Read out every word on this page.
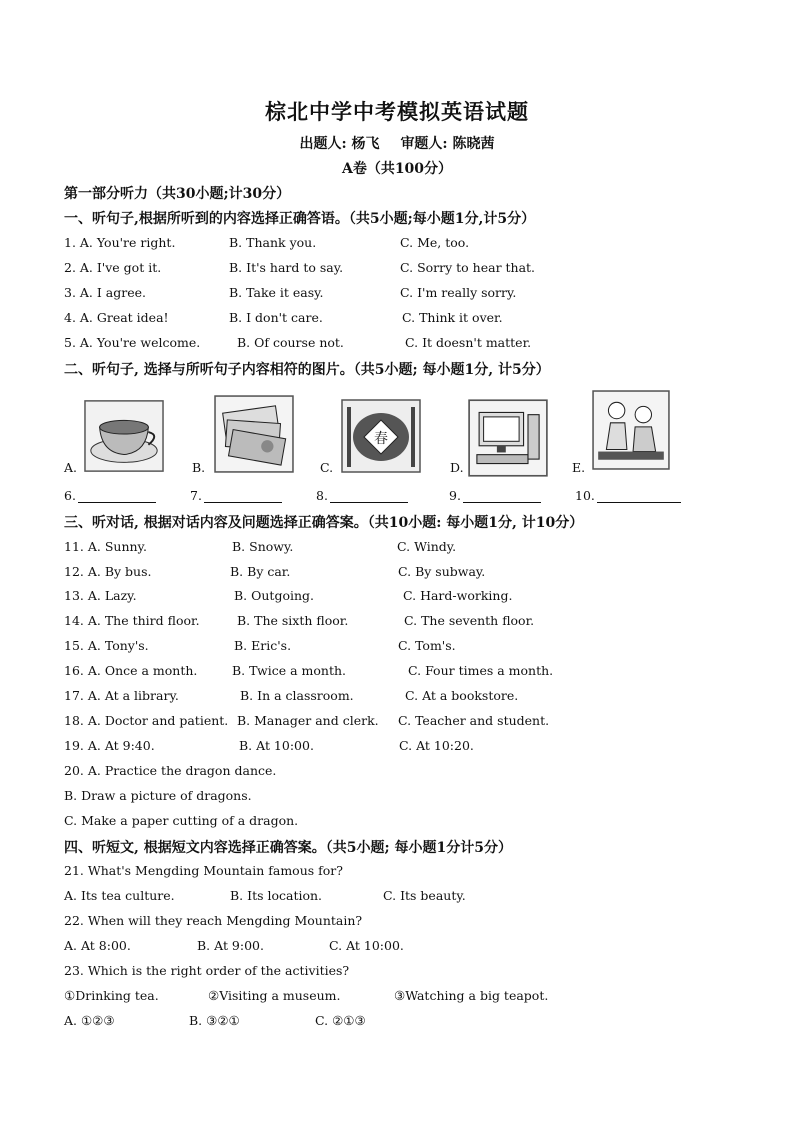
棕北中学中考模拟英语试题
出题人: 杨飞 审题人: 陈晓茜
A卷（共100分）
第一部分听力（共30小题;计30分）
一、听句子,根据所听到的内容选择正确答语。（共5小题;每小题1分,计5分）
1. A. You're right.	B. Thank you.	C. Me, too.
2. A. I've got it.	B. It's hard to say.	C. Sorry to hear that.
3. A. I agree.	B. Take it easy.	C. I'm really sorry.
4. A. Great idea!	B. I don't care.	C. Think it over.
5. A. You're welcome.	B. Of course not.	C. It doesn't matter.
二、听句子, 选择与所听句子内容相符的图片。（共5小题; 每小题1分, 计5分）
A.	B.	C.
春
D.	E.
6.	7.	8.	9.	10.
三、听对话, 根据对话内容及问题选择正确答案。（共10小题: 每小题1分, 计10分）
11. A. Sunny.	B. Snowy.	C. Windy.
12. A. By bus.	B. By car.	C. By subway.
13. A. Lazy.	B. Outgoing.	C. Hard-working.
14. A. The third floor.	B. The sixth floor.	C. The seventh floor.
15. A. Tony's.	B. Eric's.	C. Tom's.
16. A. Once a month.	B. Twice a month.	C. Four times a month.
17. A. At a library.	B. In a classroom.	C. At a bookstore.
18. A. Doctor and patient. B. Manager and clerk. C. Teacher and student.
19. A. At 9:40.	B. At 10:00.	C. At 10:20.
20. A. Practice the dragon dance.
B. Draw a picture of dragons.
C. Make a paper cutting of a dragon.
四、听短文, 根据短文内容选择正确答案。（共5小题; 每小题1分计5分）
21. What's Mengding Mountain famous for?
A. Its tea culture.	B. Its location.	C. Its beauty.
22. When will they reach Mengding Mountain?
A. At 8:00.	B. At 9:00.	C. At 10:00.
23. Which is the right order of the activities?
①Drinking tea.	②Visiting a museum.	③Watching a big teapot.
A. ①②③	B. ③②①	C. ②①③
